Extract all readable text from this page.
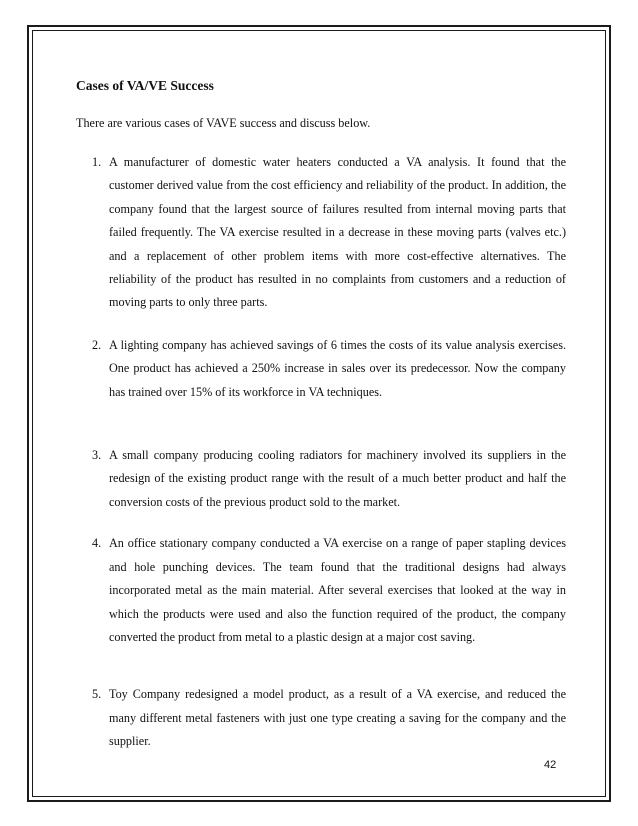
Cases of VA/VE Success

There are various cases of VAVE success and discuss below.

1. A manufacturer of domestic water heaters conducted a VA analysis. It found that the customer derived value from the cost efficiency and reliability of the product. In addition, the company found that the largest source of failures resulted from internal moving parts that failed frequently. The VA exercise resulted in a decrease in these moving parts (valves etc.) and a replacement of other problem items with more cost-effective alternatives. The reliability of the product has resulted in no complaints from customers and a reduction of moving parts to only three parts.
2. A lighting company has achieved savings of 6 times the costs of its value analysis exercises. One product has achieved a 250% increase in sales over its predecessor. Now the company has trained over 15% of its workforce in VA techniques.
3. A small company producing cooling radiators for machinery involved its suppliers in the redesign of the existing product range with the result of a much better product and half the conversion costs of the previous product sold to the market.
4. An office stationary company conducted a VA exercise on a range of paper stapling devices and hole punching devices. The team found that the traditional designs had always incorporated metal as the main material. After several exercises that looked at the way in which the products were used and also the function required of the product, the company converted the product from metal to a plastic design at a major cost saving.
5. Toy Company redesigned a model product, as a result of a VA exercise, and reduced the many different metal fasteners with just one type creating a saving for the company and the supplier.
42
